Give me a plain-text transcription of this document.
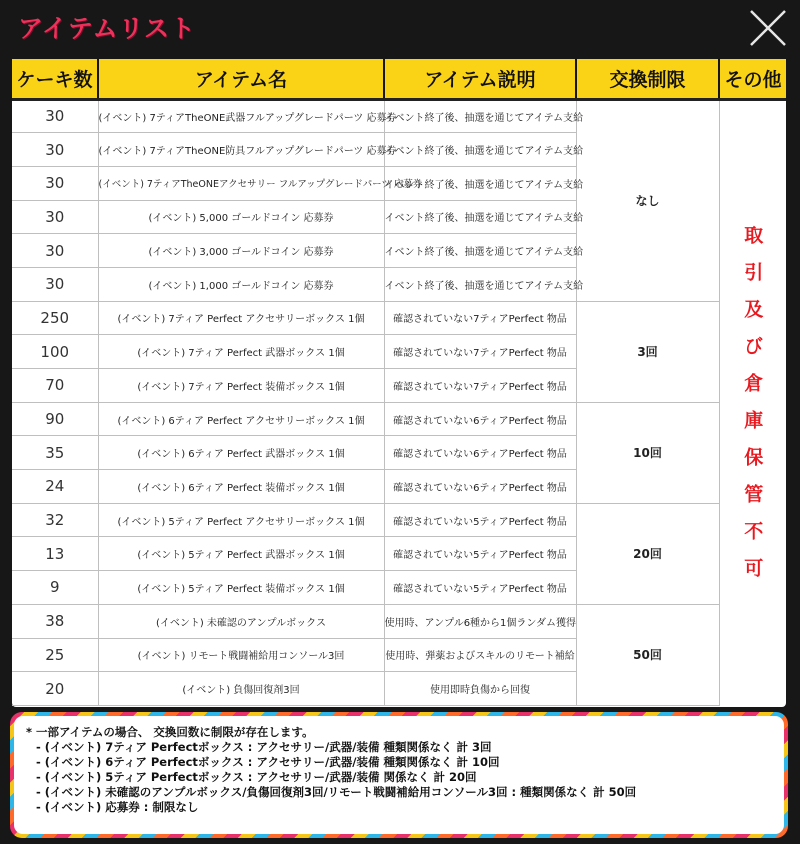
アイテムリスト
ケーキ数	アイテム名	アイテム説明	交換制限	その他
30	(イベント) 7ティアTheONE武器フルアップグレードパーツ 応募券	イベント終了後、抽選を通じてアイテム支給	なし	取引及び倉庫保管不可
30	(イベント) 7ティアTheONE防具フルアップグレードパーツ 応募券	イベント終了後、抽選を通じてアイテム支給		
30	(イベント) 7ティアTheONEアクセサリー フルアップグレードパーツ 応募券	イベント終了後、抽選を通じてアイテム支給		
30	(イベント) 5,000 ゴールドコイン 応募券	イベント終了後、抽選を通じてアイテム支給		
30	(イベント) 3,000 ゴールドコイン 応募券	イベント終了後、抽選を通じてアイテム支給		
30	(イベント) 1,000 ゴールドコイン 応募券	イベント終了後、抽選を通じてアイテム支給		
250	(イベント) 7ティア Perfect アクセサリーボックス 1個	確認されていない7ティアPerfect 物品	3回	
100	(イベント) 7ティア Perfect 武器ボックス 1個	確認されていない7ティアPerfect 物品		
70	(イベント) 7ティア Perfect 装備ボックス 1個	確認されていない7ティアPerfect 物品		
90	(イベント) 6ティア Perfect アクセサリーボックス 1個	確認されていない6ティアPerfect 物品	10回	
35	(イベント) 6ティア Perfect 武器ボックス 1個	確認されていない6ティアPerfect 物品		
24	(イベント) 6ティア Perfect 装備ボックス 1個	確認されていない6ティアPerfect 物品		
32	(イベント) 5ティア Perfect アクセサリーボックス 1個	確認されていない5ティアPerfect 物品	20回	
13	(イベント) 5ティア Perfect 武器ボックス 1個	確認されていない5ティアPerfect 物品		
9	(イベント) 5ティア Perfect 装備ボックス 1個	確認されていない5ティアPerfect 物品		
38	(イベント) 未確認のアンプルボックス	使用時、アンプル6種から1個ランダム獲得	50回	
25	(イベント) リモート戦闘補給用コンソール3回	使用時、弾薬およびスキルのリモート補給		
20	(イベント) 負傷回復剤3回	使用即時負傷から回復		
* 一部アイテムの場合、 交換回数に制限が存在します。
- (イベント) 7ティア Perfectボックス : アクセサリー/武器/装備 種類関係なく 計 3回
- (イベント) 6ティア Perfectボックス : アクセサリー/武器/装備 種類関係なく 計 10回
- (イベント) 5ティア Perfectボックス : アクセサリー/武器/装備 関係なく 計 20回
- (イベント) 未確認のアンプルボックス/負傷回復剤3回/リモート戦闘補給用コンソール3回 : 種類関係なく 計 50回
- (イベント) 応募券 : 制限なし
